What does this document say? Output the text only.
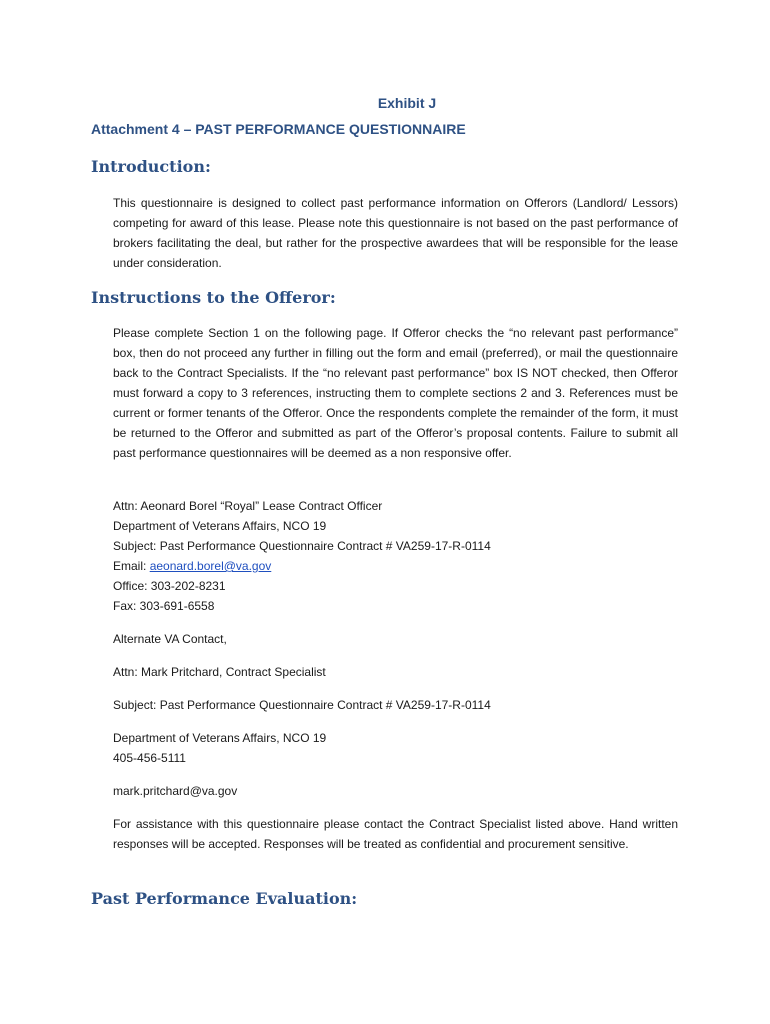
Exhibit J
Attachment 4 – PAST PERFORMANCE QUESTIONNAIRE
Introduction:
This questionnaire is designed to collect past performance information on Offerors (Landlord/ Lessors) competing for award of this lease. Please note this questionnaire is not based on the past performance of brokers facilitating the deal, but rather for the prospective awardees that will be responsible for the lease under consideration.
Instructions to the Offeror:
Please complete Section 1 on the following page. If Offeror checks the “no relevant past performance” box, then do not proceed any further in filling out the form and email (preferred), or mail the questionnaire back to the Contract Specialists. If the “no relevant past performance” box IS NOT checked, then Offeror must forward a copy to 3 references, instructing them to complete sections 2 and 3. References must be current or former tenants of the Offeror. Once the respondents complete the remainder of the form, it must be returned to the Offeror and submitted as part of the Offeror’s proposal contents. Failure to submit all past performance questionnaires will be deemed as a non responsive offer.
Attn: Aeonard Borel “Royal” Lease Contract Officer
Department of Veterans Affairs, NCO 19
Subject: Past Performance Questionnaire Contract # VA259-17-R-0114
Email: aeonard.borel@va.gov
Office: 303-202-8231
Fax: 303-691-6558
Alternate VA Contact,
Attn: Mark Pritchard, Contract Specialist
Subject: Past Performance Questionnaire Contract # VA259-17-R-0114
Department of Veterans Affairs, NCO 19
405-456-5111
mark.pritchard@va.gov
For assistance with this questionnaire please contact the Contract Specialist listed above. Hand written responses will be accepted. Responses will be treated as confidential and procurement sensitive.
Past Performance Evaluation:
